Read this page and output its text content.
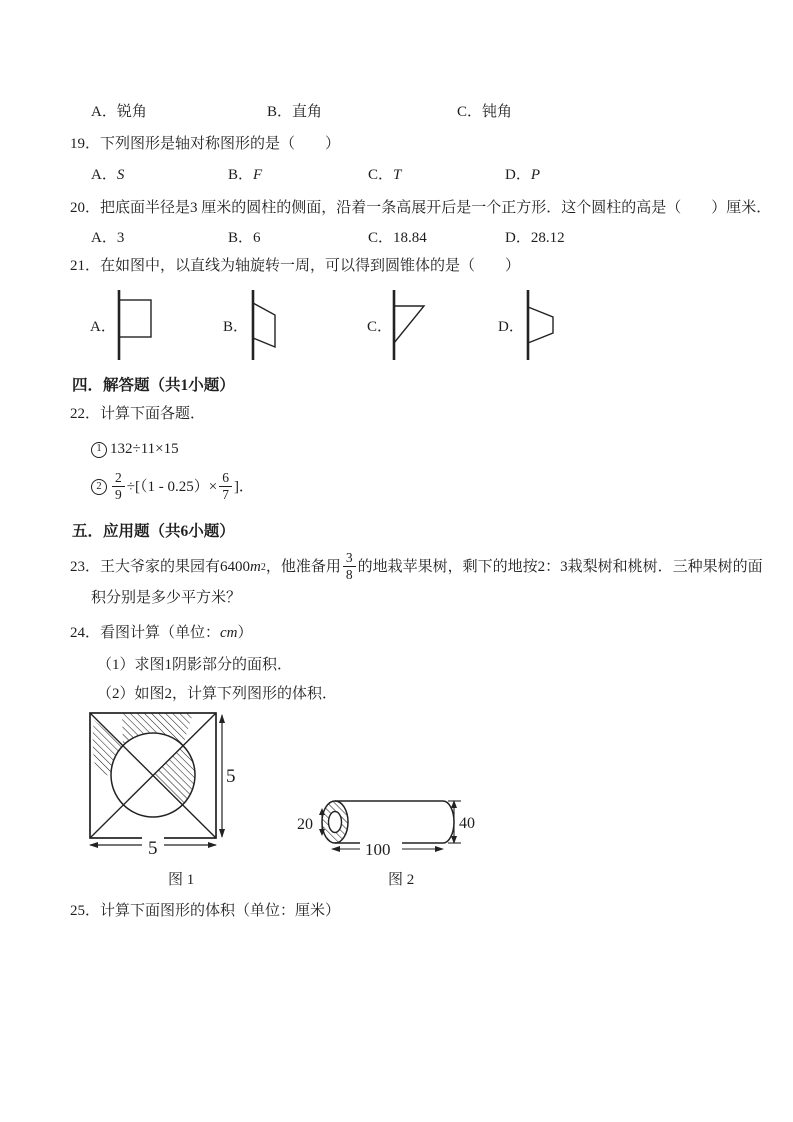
A．锐角	B．直角	C．钝角
19．下列图形是轴对称图形的是（　　）
A．S	B．F	C．T	D．P
20．把底面半径是3 厘米的圆柱的侧面，沿着一条高展开后是一个正方形．这个圆柱的高是（　　）厘米．
A．3	B．6	C．18.84	D．28.12
21．在如图中，以直线为轴旋转一周，可以得到圆锥体的是（　　）
A．	B．	C．	D．
四．解答题（共1小题）
22．计算下面各题．
1 132÷11×15
$2 \frac{2}{9} \div[(1 - 0.25)\times \frac{6}{7}$ ]．
五．应用题（共6小题）
23．王大爷家的果园有6400 m 2 ，他准备用 $\frac{3}{8}$ 的地栽苹果树，剩下的地按2：3栽梨树和桃树．三种果树的面
积分别是多少平方米？
24．看图计算（单位：cm）
（1）求图1阴影部分的面积．
（2）如图2，计算下列图形的体积．
5
5
20	40
100
图 1	图 2
25．计算下面图形的体积（单位：厘米）
